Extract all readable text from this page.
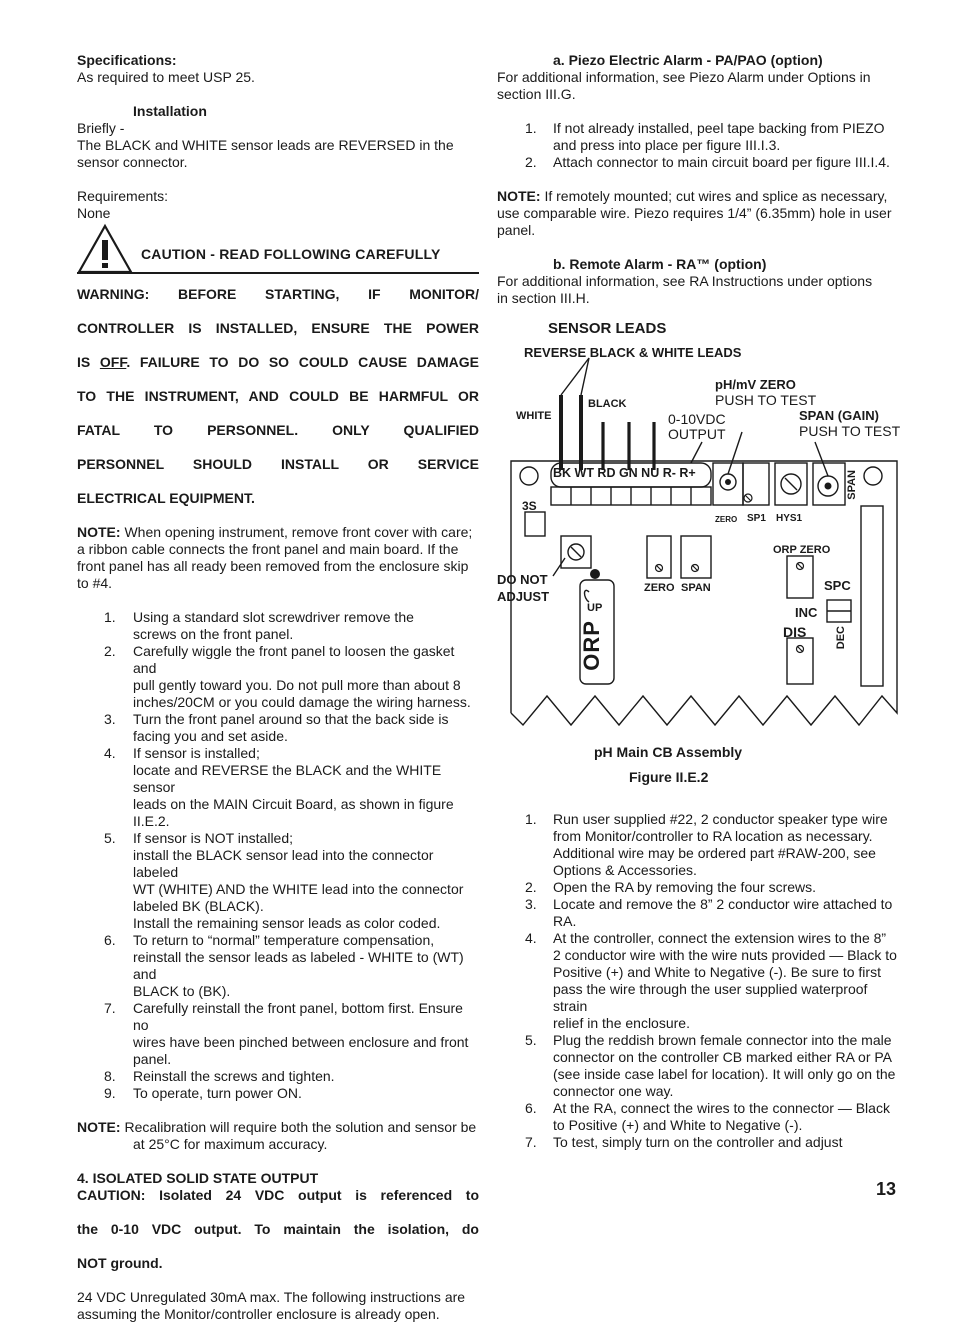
Specifications:

As required to meet USP 25.

Installation

Briefly -

The BLACK and WHITE sensor leads are REVERSED in the

sensor connector.

Requirements:

None

CAUTION - READ FOLLOWING CAREFULLY

WARNING: BEFORE STARTING, IF MONITOR/

CONTROLLER IS INSTALLED, ENSURE THE POWER

IS OFF. FAILURE TO DO SO COULD CAUSE DAMAGE

TO THE INSTRUMENT, AND COULD BE HARMFUL OR

FATAL TO PERSONNEL. ONLY QUALIFIED

PERSONNEL SHOULD INSTALL OR SERVICE

ELECTRICAL EQUIPMENT.

NOTE: When opening instrument, remove front cover with care; a ribbon cable connects the front panel and main board. If the front panel has all ready been removed from the enclosure skip to #4.

1. Using a standard slot screwdriver remove the
screws on the front panel.
2. Carefully wiggle the front panel to loosen the gasket and
pull gently toward you. Do not pull more than about 8
inches/20CM or you could damage the wiring harness.
3. Turn the front panel around so that the back side is
facing you and set aside.
4. If sensor is installed;
locate and REVERSE the BLACK and the WHITE sensor
leads on the MAIN Circuit Board, as shown in figure
II.E.2.
5. If sensor is NOT installed;
install the BLACK sensor lead into the connector labeled
WT (WHITE) AND the WHITE lead into the connector
labeled BK (BLACK).
Install the remaining sensor leads as color coded.
6. To return to “normal” temperature compensation,
reinstall the sensor leads as labeled - WHITE to (WT) and
BLACK to (BK).
7. Carefully reinstall the front panel, bottom first. Ensure no
wires have been pinched between enclosure and front
panel.
8. Reinstall the screws and tighten.
9. To operate, turn power ON.

NOTE: Recalibration will require both the solution and sensor be

at 25°C for maximum accuracy.

4. ISOLATED SOLID STATE OUTPUT

CAUTION: Isolated 24 VDC output is referenced to

the 0-10 VDC output. To maintain the isolation, do

NOT ground.

24 VDC Unregulated 30mA max. The following instructions are

assuming the Monitor/controller enclosure is already open.

a. Piezo Electric Alarm - PA/PAO (option)

For additional information, see Piezo Alarm under Options in

section III.G.

1. If not already installed, peel tape backing from PIEZO
and press into place per figure III.I.3.
2. Attach connector to main circuit board per figure III.I.4.

NOTE: If remotely mounted; cut wires and splice as necessary,

use comparable wire. Piezo requires 1/4” (6.35mm) hole in user

panel.

b. Remote Alarm - RA™ (option)

For additional information, see RA Instructions under options

in section III.H.

SENSOR LEADS
REVERSE BLACK & WHITE LEADS
WHITE
BLACK
pH/mV ZERO
PUSH TO TEST
0-10VDC
OUTPUT
SPAN (GAIN)
PUSH TO TEST
BK WT RD GN NU R- R+	SPAN
3S
ZERO SP1 HYS1
ORP ZERO
DO NOT
ADJUST
ZERO SPAN	SPC
INC
DIS	DEC
UP
ORP

pH Main CB Assembly

Figure II.E.2

1. Run user supplied #22, 2 conductor speaker type wire
from Monitor/controller to RA location as necessary.
Additional wire may be ordered part #RAW-200, see
Options & Accessories.
2. Open the RA by removing the four screws.
3. Locate and remove the 8” 2 conductor wire attached to
RA.
4. At the controller, connect the extension wires to the 8”
2 conductor wire with the wire nuts provided — Black to
Positive (+) and White to Negative (-). Be sure to first
pass the wire through the user supplied waterproof strain
relief in the enclosure.
5. Plug the reddish brown female connector into the male
connector on the controller CB marked either RA or PA
(see inside case label for location). It will only go on the
connector one way.
6. At the RA, connect the wires to the connector — Black
to Positive (+) and White to Negative (-).
7. To test, simply turn on the controller and adjust
13
